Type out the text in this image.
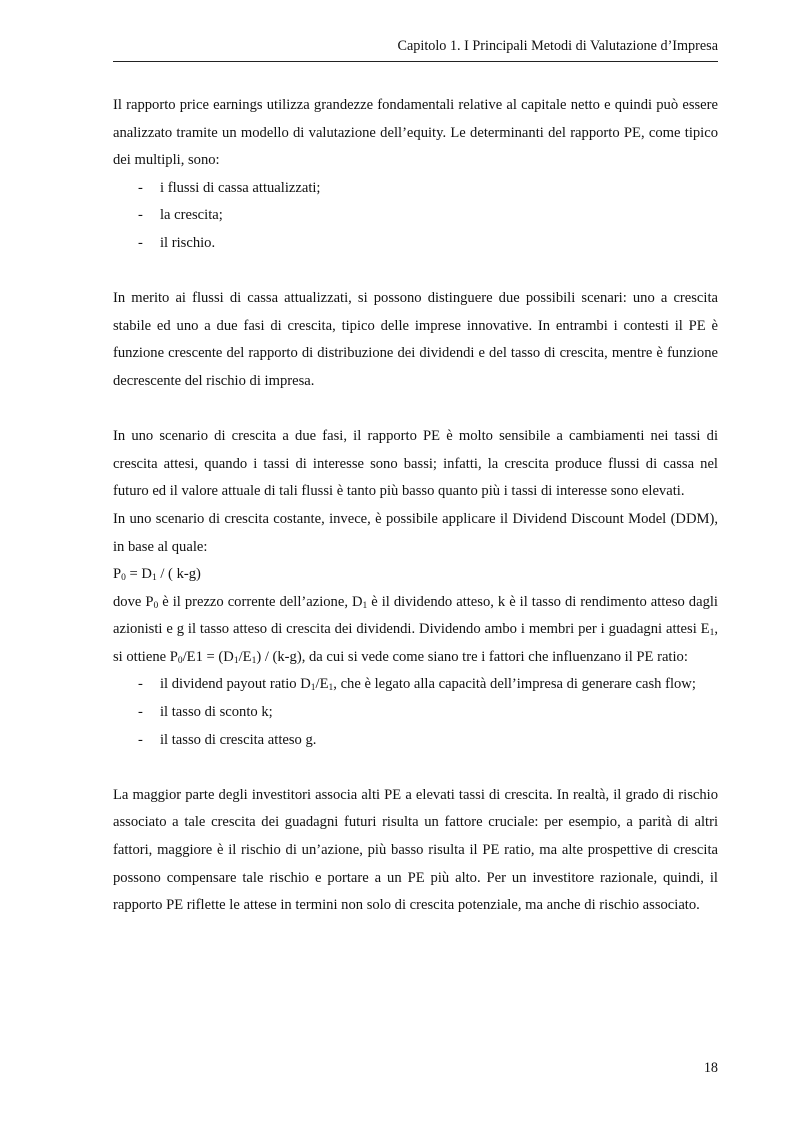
Capitolo 1. I Principali Metodi di Valutazione d’Impresa

Il rapporto price earnings utilizza grandezze fondamentali relative al capitale netto e quindi può essere analizzato tramite un modello di valutazione dell’equity. Le determinanti del rapporto PE, come tipico dei multipli, sono:

- i flussi di cassa attualizzati;
- la crescita;
- il rischio.

In merito ai flussi di cassa attualizzati, si possono distinguere due possibili scenari: uno a crescita stabile ed uno a due fasi di crescita, tipico delle imprese innovative. In entrambi i contesti il PE è funzione crescente del rapporto di distribuzione dei dividendi e del tasso di crescita, mentre è funzione decrescente del rischio di impresa.

In uno scenario di crescita a due fasi, il rapporto PE è molto sensibile a cambiamenti nei tassi di crescita attesi, quando i tassi di interesse sono bassi; infatti, la crescita produce flussi di cassa nel futuro ed il valore attuale di tali flussi è tanto più basso quanto più i tassi di interesse sono elevati.

In uno scenario di crescita costante, invece, è possibile applicare il Dividend Discount Model (DDM), in base al quale:

$P_0 = D_1$ / ( k-g)

dove $P_0$ è il prezzo corrente dell’azione, $D_1$ è il dividendo atteso, k è il tasso di rendimento atteso dagli azionisti e g il tasso atteso di crescita dei dividendi. Dividendo ambo i membri per i guadagni attesi $E_1$, si ottiene $P_0/E1 = (D_1/E_1) / (k-g)$, da cui si vede come siano tre i fattori che influenzano il PE ratio:

- il dividend payout ratio $D_1/E_1$, che è legato alla capacità dell’impresa di generare cash flow;
- il tasso di sconto k;
- il tasso di crescita atteso g.

La maggior parte degli investitori associa alti PE a elevati tassi di crescita. In realtà, il grado di rischio associato a tale crescita dei guadagni futuri risulta un fattore cruciale: per esempio, a parità di altri fattori, maggiore è il rischio di un’azione, più basso risulta il PE ratio, ma alte prospettive di crescita possono compensare tale rischio e portare a un PE più alto. Per un investitore razionale, quindi, il rapporto PE riflette le attese in termini non solo di crescita potenziale, ma anche di rischio associato.

18
